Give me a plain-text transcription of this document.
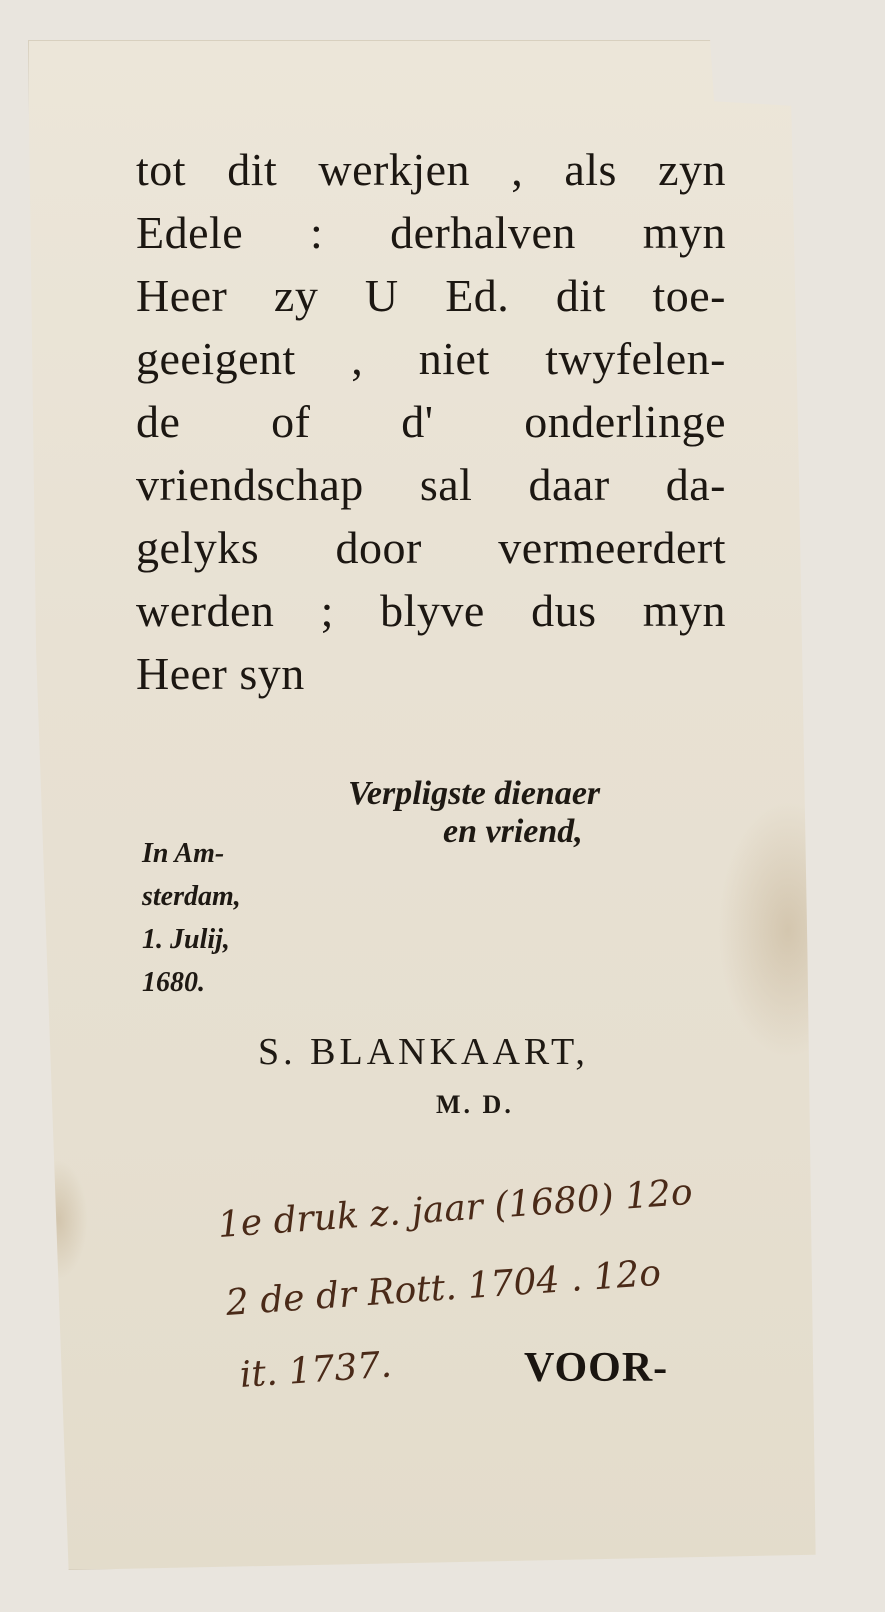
tot dit werkjen , als zyn
Edele : derhalven myn
Heer zy U Ed. dit toe-
geeigent , niet twyfelen-
de of d' onderlinge
vriendschap sal daar da-
gelyks door vermeerdert
werden ; blyve dus myn
Heer syn
Verpligste dienaer
en vriend,
In Am-
sterdam,
1. Julij,
1680.
S. BLANKAART,
M. D.
1e druk z. jaar (1680) 12o
2 de dr Rott. 1704 . 12o
it. 1737.	VOOR-
